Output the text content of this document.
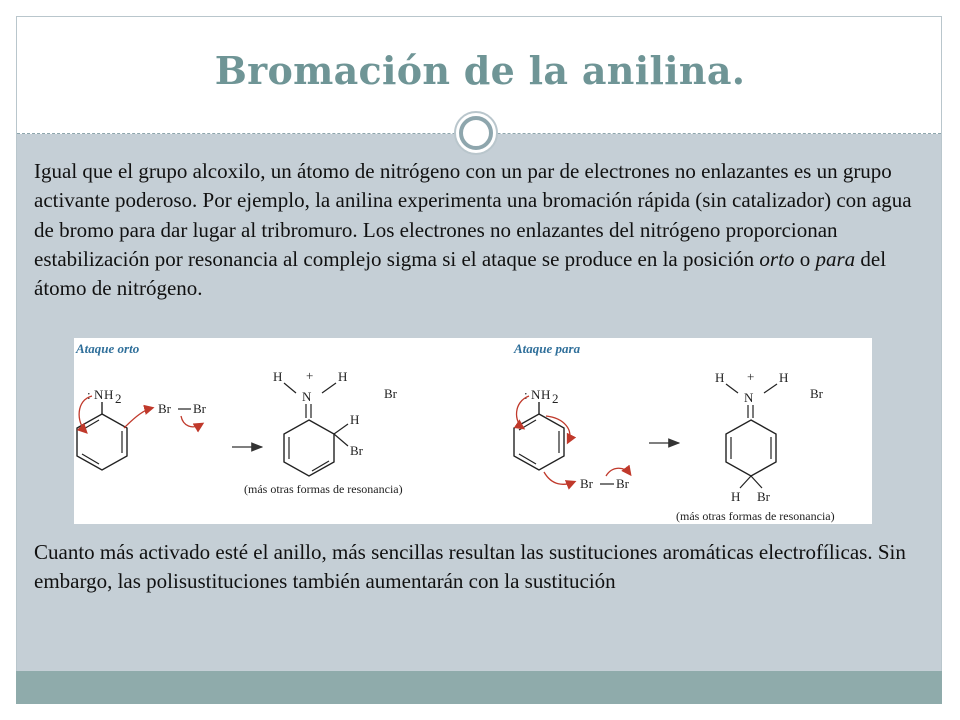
Bromación de la anilina.
Igual que el grupo alcoxilo, un átomo de nitrógeno con un par de electrones no enlazantes es un grupo activante poderoso. Por ejemplo, la anilina experimenta una bromación rápida (sin catalizador) con agua de bromo para dar lugar al tribromuro. Los electrones no enlazantes del nitrógeno proporcionan estabilización por resonancia al complejo sigma si el ataque se produce en la posición orto o para del átomo de nitrógeno.
Ataque orto
: N H 2
Br Br
H + H
N
H
Br
Br
(más otras formas de resonancia)
Ataque para
: N H 2
Br Br
H + H
N
H Br
Br
(más otras formas de resonancia)
Cuanto más activado esté el anillo, más sencillas resultan las sustituciones aromáticas electrofílicas. Sin embargo, las polisustituciones también aumentarán con la sustitución
